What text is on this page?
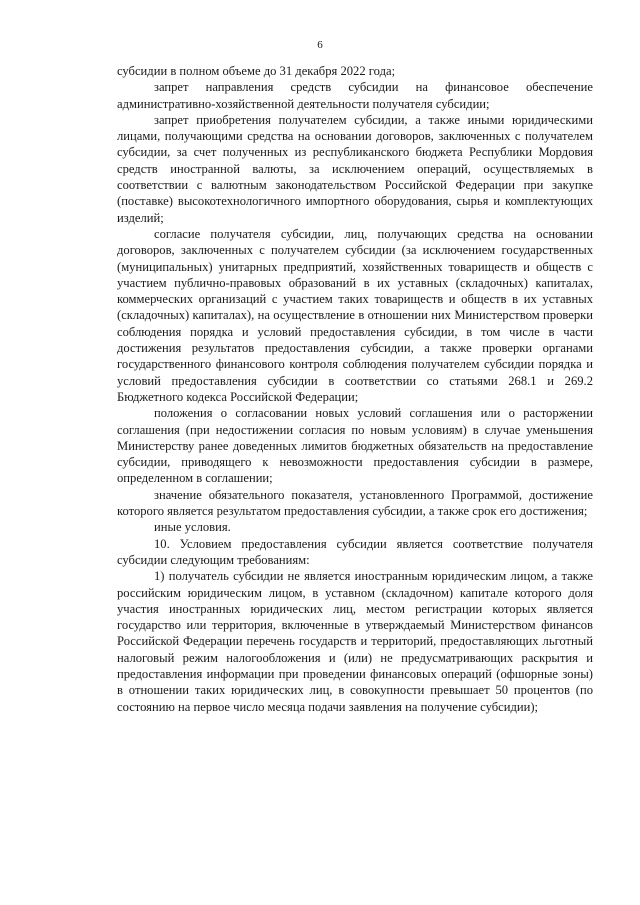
6

субсидии в полном объеме до 31 декабря 2022 года;

запрет направления средств субсидии на финансовое обеспечение административно-хозяйственной деятельности получателя субсидии;

запрет приобретения получателем субсидии, а также иными юридическими лицами, получающими средства на основании договоров, заключенных с получателем субсидии, за счет полученных из республиканского бюджета Республики Мордовия средств иностранной валюты, за исключением операций, осуществляемых в соответствии с валютным законодательством Российской Федерации при закупке (поставке) высокотехнологичного импортного оборудования, сырья и комплектующих изделий;

согласие получателя субсидии, лиц, получающих средства на основании договоров, заключенных с получателем субсидии (за исключением государственных (муниципальных) унитарных предприятий, хозяйственных товариществ и обществ с участием публично-правовых образований в их уставных (складочных) капиталах, коммерческих организаций с участием таких товариществ и обществ в их уставных (складочных) капиталах), на осуществление в отношении них Министерством проверки соблюдения порядка и условий предоставления субсидии, в том числе в части достижения результатов предоставления субсидии, а также проверки органами государственного финансового контроля соблюдения получателем субсидии порядка и условий предоставления субсидии в соответствии со статьями 268.1 и 269.2 Бюджетного кодекса Российской Федерации;

положения о согласовании новых условий соглашения или о расторжении соглашения (при недостижении согласия по новым условиям) в случае уменьшения Министерству ранее доведенных лимитов бюджетных обязательств на предоставление субсидии, приводящего к невозможности предоставления субсидии в размере, определенном в соглашении;

значение обязательного показателя, установленного Программой, достижение которого является результатом предоставления субсидии, а также срок его достижения;

иные условия.

10. Условием предоставления субсидии является соответствие получателя субсидии следующим требованиям:

1) получатель субсидии не является иностранным юридическим лицом, а также российским юридическим лицом, в уставном (складочном) капитале которого доля участия иностранных юридических лиц, местом регистрации которых является государство или территория, включенные в утверждаемый Министерством финансов Российской Федерации перечень государств и территорий, предоставляющих льготный налоговый режим налогообложения и (или) не предусматривающих раскрытия и предоставления информации при проведении финансовых операций (офшорные зоны) в отношении таких юридических лиц, в совокупности превышает 50 процентов (по состоянию на первое число месяца подачи заявления на получение субсидии);
